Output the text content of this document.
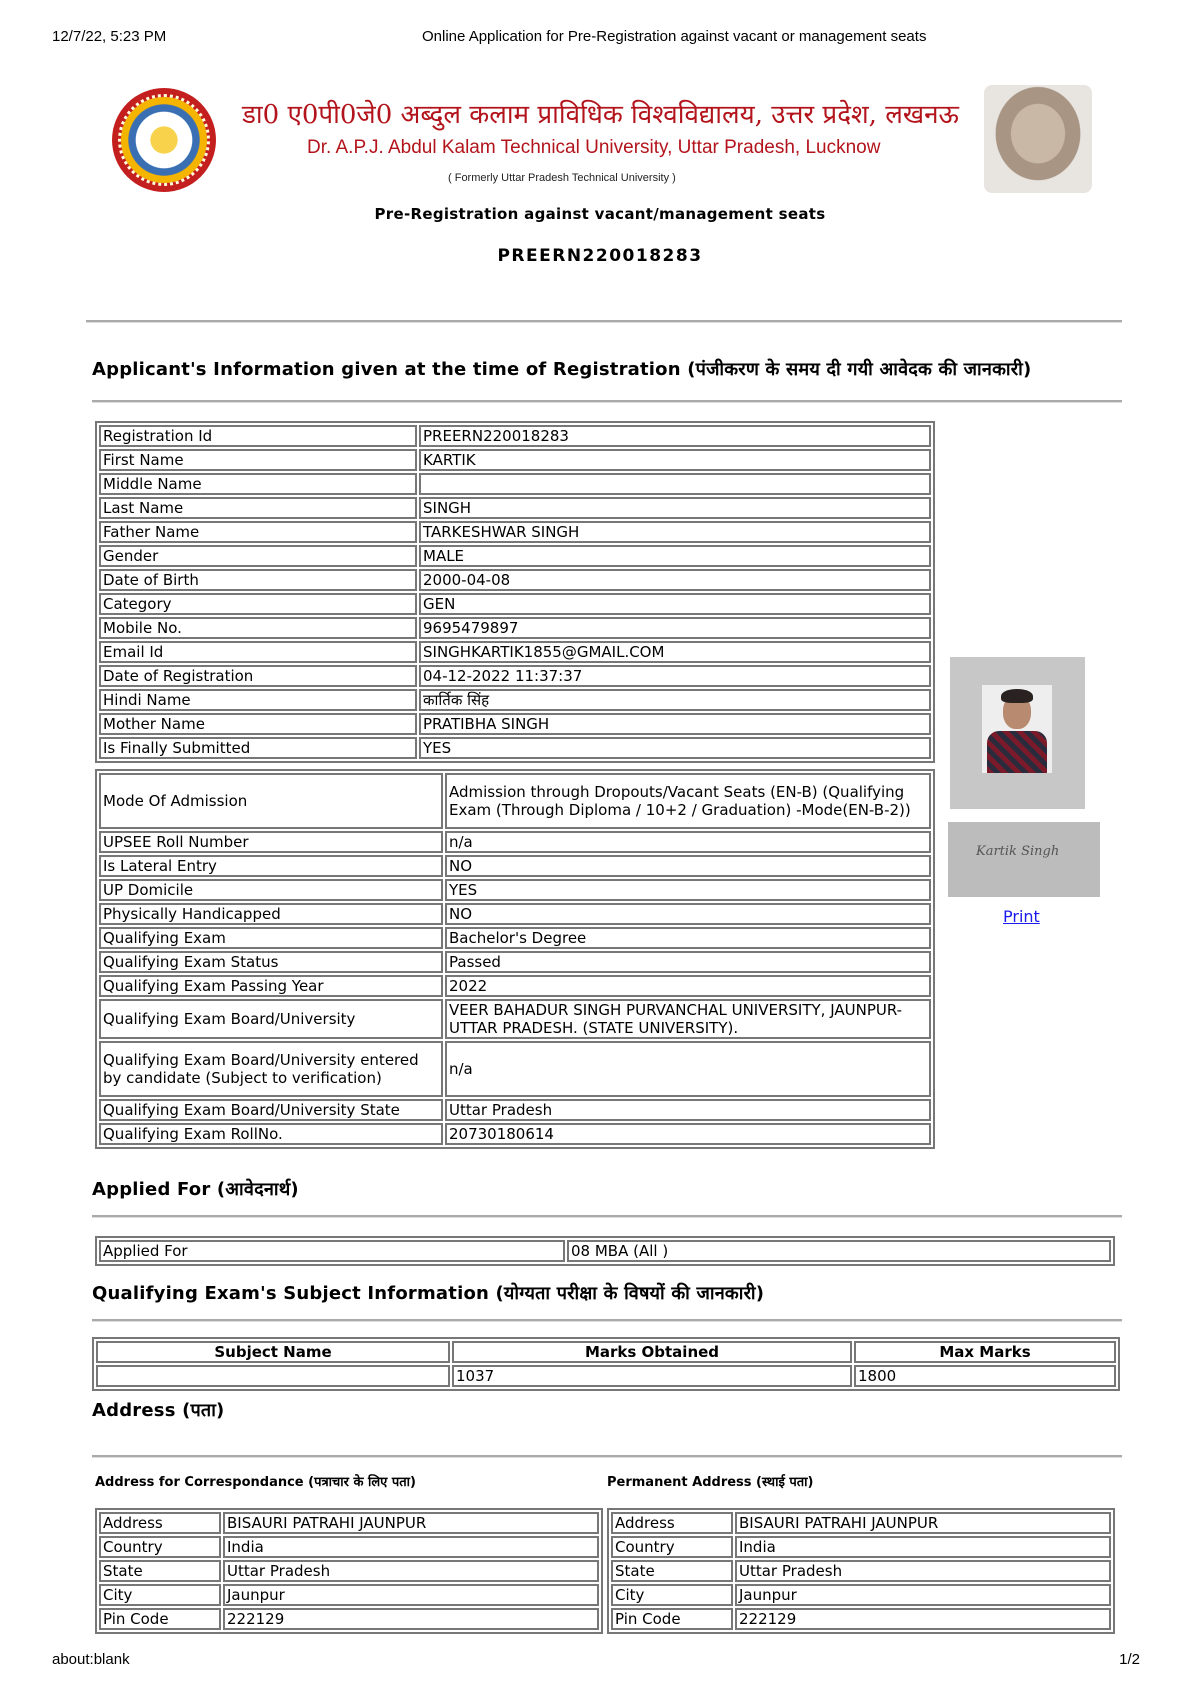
12/7/22, 5:23 PM	Online Application for Pre-Registration against vacant or management seats
डा0 ए0पी0जे0 अब्दुल कलाम प्राविधिक विश्वविद्यालय, उत्तर प्रदेश, लखनऊ
Dr. A.P.J. Abdul Kalam Technical University, Uttar Pradesh, Lucknow
( Formerly Uttar Pradesh Technical University )
Pre-Registration against vacant/management seats
PREERN220018283
Applicant's Information given at the time of Registration (पंजीकरण के समय दी गयी आवेदक की जानकारी)
Registration Id	PREERN220018283
First Name	KARTIK
Middle Name	
Last Name	SINGH
Father Name	TARKESHWAR SINGH
Gender	MALE
Date of Birth	2000-04-08
Category	GEN
Mobile No.	9695479897
Email Id	SINGHKARTIK1855@GMAIL.COM
Date of Registration	04-12-2022 11:37:37
Hindi Name	कार्तिक सिंह
Mother Name	PRATIBHA SINGH
Is Finally Submitted	YES
Mode Of Admission	Admission through Dropouts/Vacant Seats (EN-B) (Qualifying Exam (Through Diploma / 10+2 / Graduation) -Mode(EN-B-2))
UPSEE Roll Number	n/a
Is Lateral Entry	NO
UP Domicile	YES
Physically Handicapped	NO
Qualifying Exam	Bachelor's Degree
Qualifying Exam Status	Passed
Qualifying Exam Passing Year	2022
Qualifying Exam Board/University	VEER BAHADUR SINGH PURVANCHAL UNIVERSITY, JAUNPUR- UTTAR PRADESH. (STATE UNIVERSITY).
Qualifying Exam Board/University entered by candidate (Subject to verification)	n/a
Qualifying Exam Board/University State	Uttar Pradesh
Qualifying Exam RollNo.	20730180614
Kartik Singh
Print
Applied For (आवेदनार्थ)
Applied For	08 MBA (All )
Qualifying Exam's Subject Information (योग्यता परीक्षा के विषयों की जानकारी)
Subject Name	Marks Obtained	Max Marks
	1037	1800
Address (पता)
Address for Correspondance (पत्राचार के लिए पता)	Permanent Address (स्थाई पता)
Address	BISAURI PATRAHI JAUNPUR
Country	India
State	Uttar Pradesh
City	Jaunpur
Pin Code	222129
Address	BISAURI PATRAHI JAUNPUR
Country	India
State	Uttar Pradesh
City	Jaunpur
Pin Code	222129
about:blank	1/2
